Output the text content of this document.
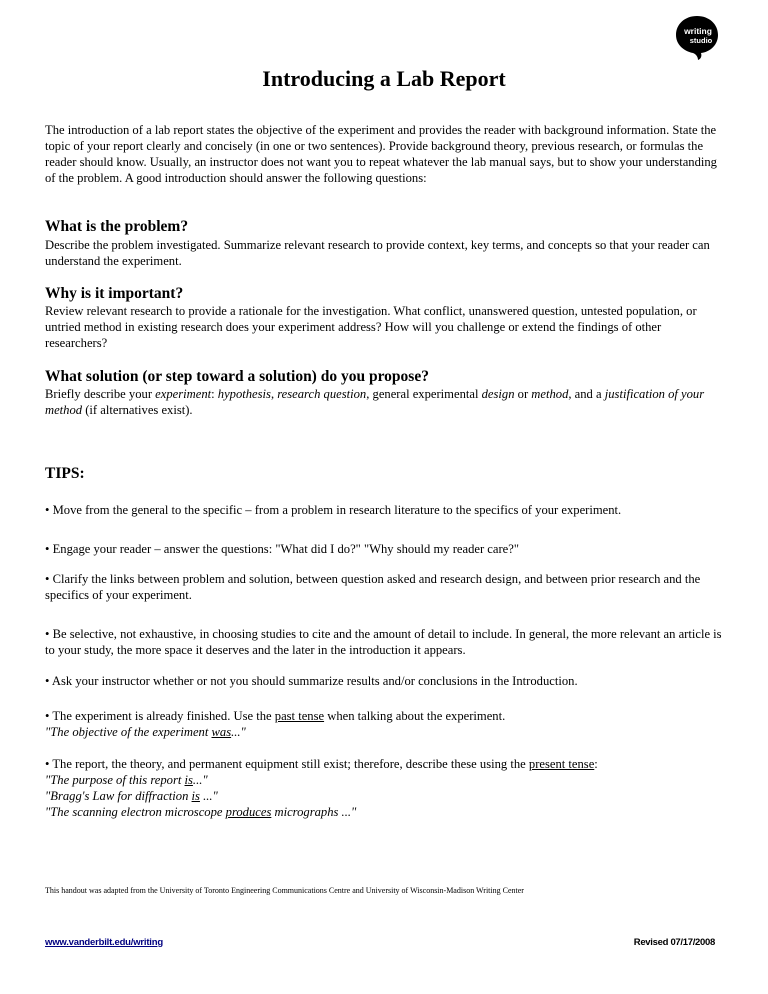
writing
studio
Introducing a Lab Report

The introduction of a lab report states the objective of the experiment and provides the reader with background information. State the topic of your report clearly and concisely (in one or two sentences). Provide background theory, previous research, or formulas the reader should know. Usually, an instructor does not want you to repeat whatever the lab manual says, but to show your understanding of the problem. A good introduction should answer the following questions:

What is the problem?

Describe the problem investigated. Summarize relevant research to provide context, key terms, and concepts so that your reader can understand the experiment.

Why is it important?

Review relevant research to provide a rationale for the investigation. What conflict, unanswered question, untested population, or untried method in existing research does your experiment address? How will you challenge or extend the findings of other researchers?

What solution (or step toward a solution) do you propose?

Briefly describe your experiment: hypothesis, research question, general experimental design or method, and a justification of your method (if alternatives exist).

TIPS:

• Move from the general to the specific – from a problem in research literature to the specifics of your experiment.

• Engage your reader – answer the questions: "What did I do?" "Why should my reader care?"

• Clarify the links between problem and solution, between question asked and research design, and between prior research and the specifics of your experiment.

• Be selective, not exhaustive, in choosing studies to cite and the amount of detail to include. In general, the more relevant an article is to your study, the more space it deserves and the later in the introduction it appears.

• Ask your instructor whether or not you should summarize results and/or conclusions in the Introduction.

• The experiment is already finished. Use the past tense when talking about the experiment.
"The objective of the experiment was..."

• The report, the theory, and permanent equipment still exist; therefore, describe these using the present tense:
"The purpose of this report is..."
"Bragg's Law for diffraction is ..."
"The scanning electron microscope produces micrographs ..."

This handout was adapted from the University of Toronto Engineering Communications Centre and University of Wisconsin-Madison Writing Center

www.vanderbilt.edu/writing	Revised 07/17/2008
